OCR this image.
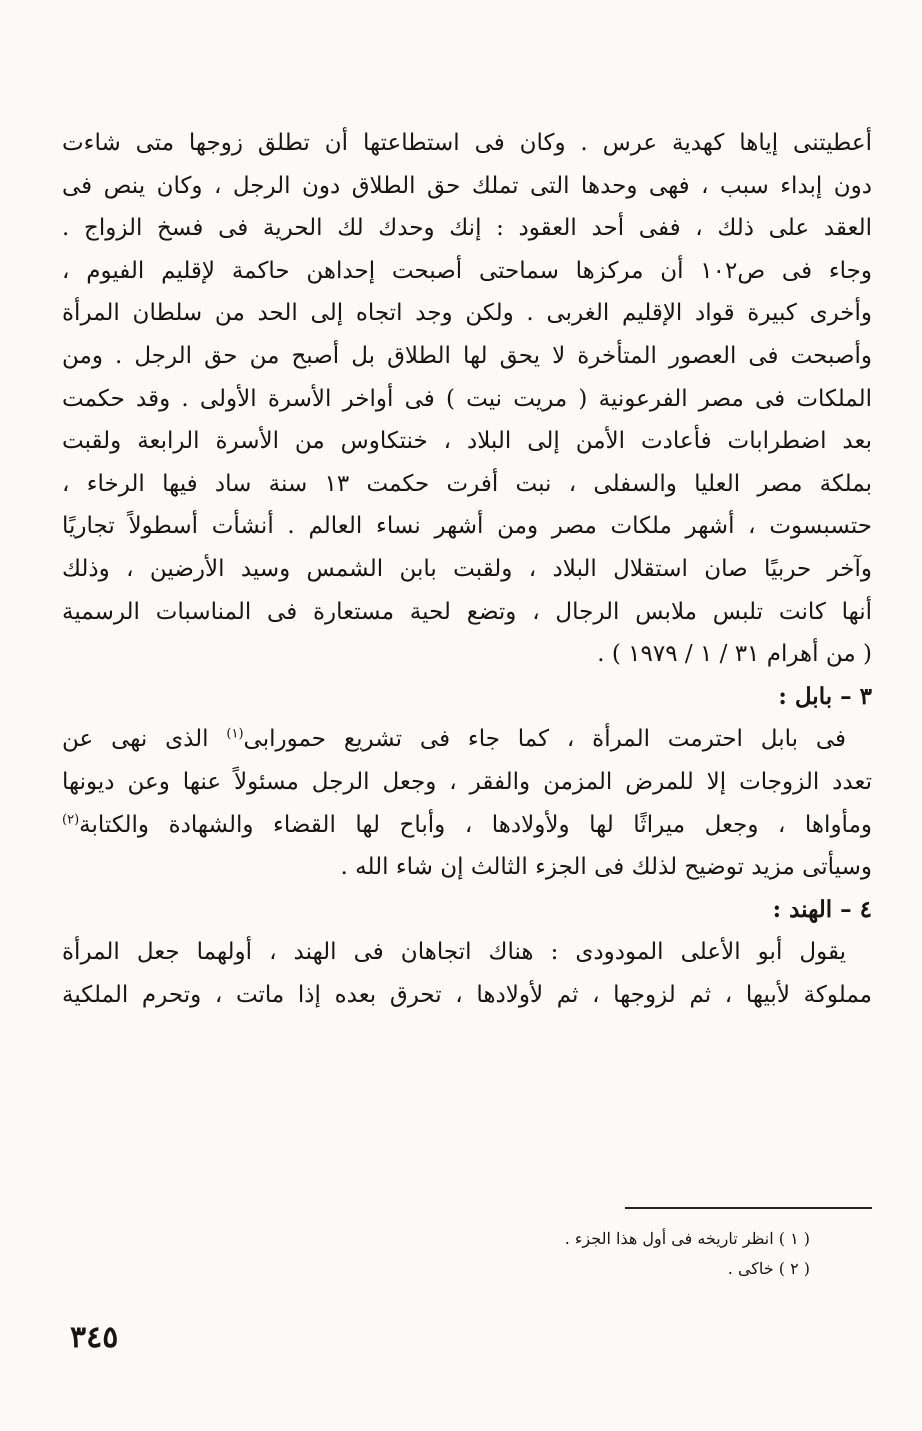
أعطيتنى إياها كهدية عرس . وكان فى استطاعتها أن تطلق زوجها متى شاءت
دون إبداء سبب ، فهى وحدها التى تملك حق الطلاق دون الرجل ، وكان ينص فى
العقد على ذلك ، ففى أحد العقود : إنك وحدك لك الحرية فى فسخ الزواج .
وجاء فى ص١٠٢ أن مركزها سماحتى أصبحت إحداهن حاكمة لإقليم الفيوم ،
وأخرى كبيرة قواد الإقليم الغربى . ولكن وجد اتجاه إلى الحد من سلطان المرأة
وأصبحت فى العصور المتأخرة لا يحق لها الطلاق بل أصبح من حق الرجل . ومن
الملكات فى مصر الفرعونية ( مريت نيت ) فى أواخر الأسرة الأولى . وقد حكمت
بعد اضطرابات فأعادت الأمن إلى البلاد ، خنتكاوس من الأسرة الرابعة ولقبت
بملكة مصر العليا والسفلى ، نبت أفرت حكمت ١٣ سنة ساد فيها الرخاء ،
حتسبسوت ، أشهر ملكات مصر ومن أشهر نساء العالم . أنشأت أسطولاً تجاريًا
وآخر حربيًا صان استقلال البلاد ، ولقبت بابن الشمس وسيد الأرضين ، وذلك
أنها كانت تلبس ملابس الرجال ، وتضع لحية مستعارة فى المناسبات الرسمية
( من أهرام ٣١ / ١ / ١٩٧٩ ) .

٣ – بابل :

فى بابل احترمت المرأة ، كما جاء فى تشريع حمورابى$^{(١)}$ الذى نهى عن
تعدد الزوجات إلا للمرض المزمن والفقر ، وجعل الرجل مسئولاً عنها وعن ديونها
ومأواها ، وجعل ميراثًا لها ولأولادها ، وأباح لها القضاء والشهادة والكتابة$^{(٢)}$
وسيأتى مزيد توضيح لذلك فى الجزء الثالث إن شاء الله .

٤ – الهند :

يقول أبو الأعلى المودودى : هناك اتجاهان فى الهند ، أولهما جعل المرأة
مملوكة لأبيها ، ثم لزوجها ، ثم لأولادها ، تحرق بعده إذا ماتت ، وتحرم الملكية

( ١ ) انظر تاريخه فى أول هذا الجزء .
( ٢ ) خاكى .
٣٤٥
